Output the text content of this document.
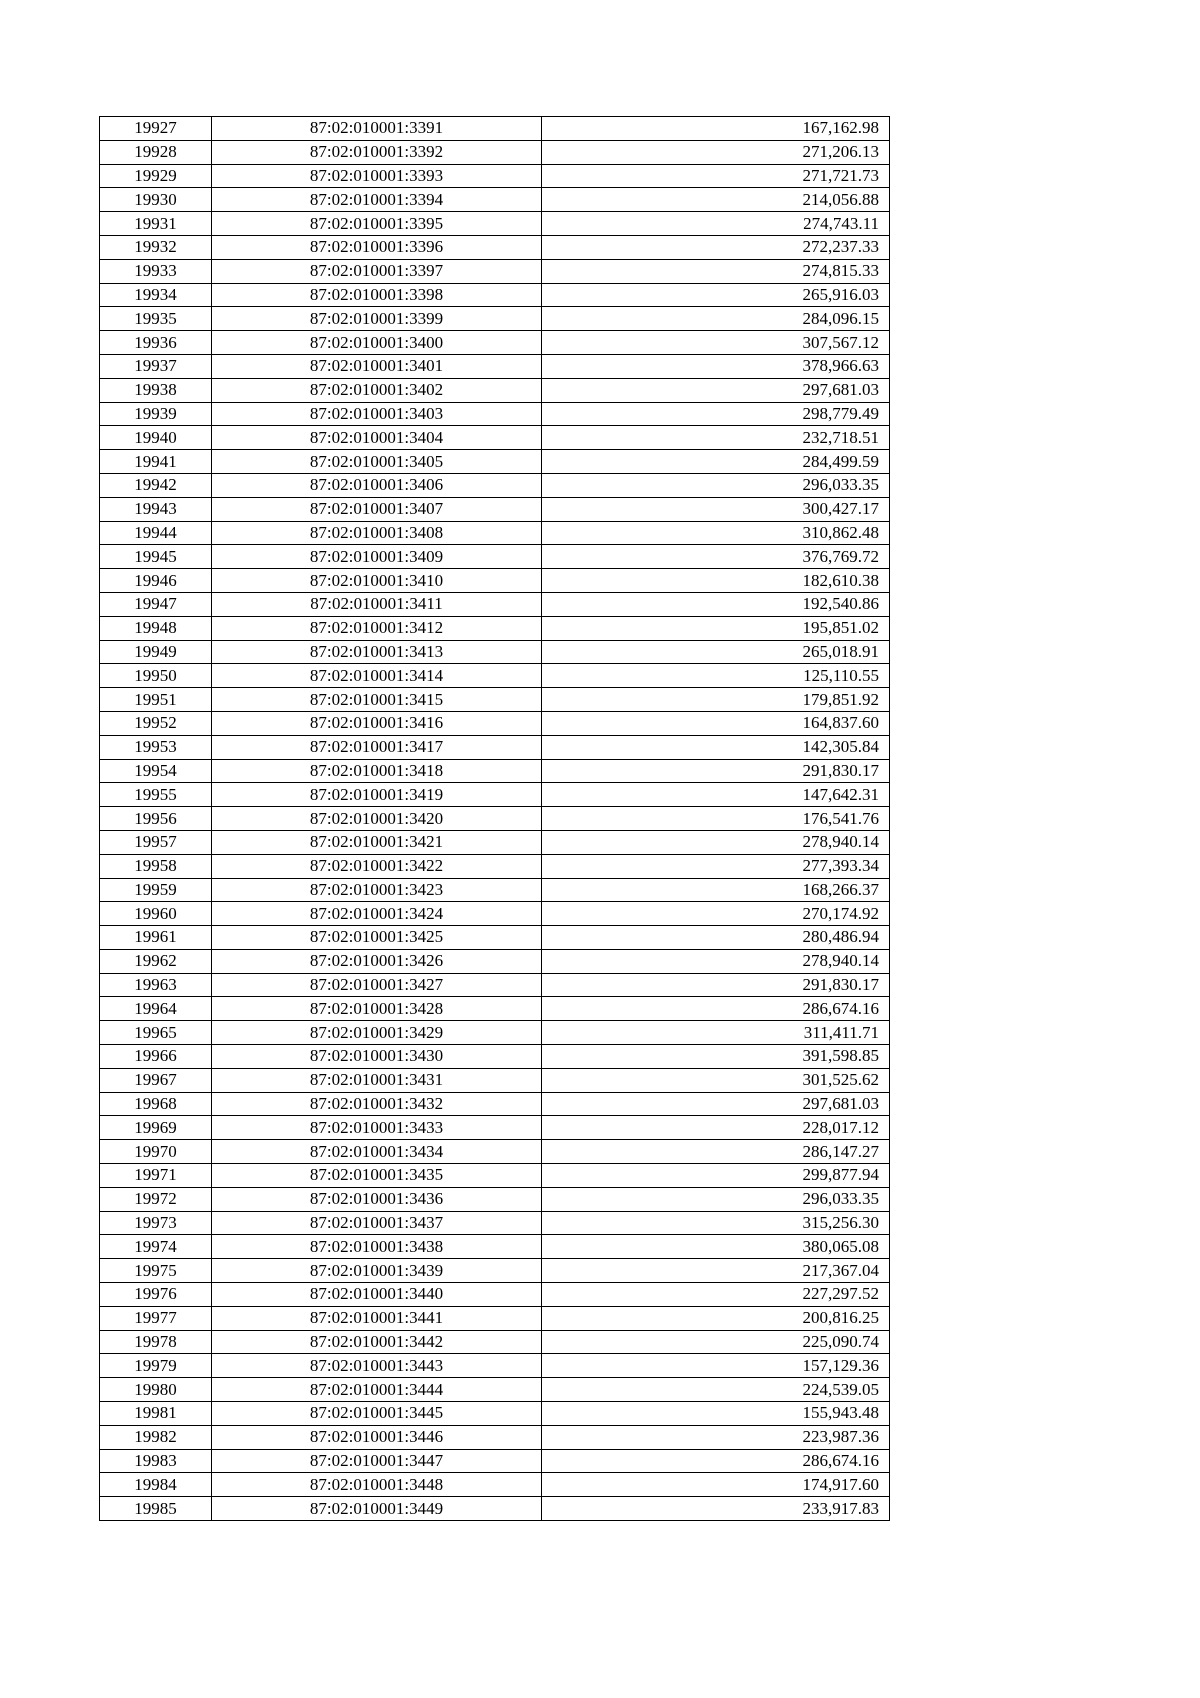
19927	87:02:010001:3391	167,162.98
19928	87:02:010001:3392	271,206.13
19929	87:02:010001:3393	271,721.73
19930	87:02:010001:3394	214,056.88
19931	87:02:010001:3395	274,743.11
19932	87:02:010001:3396	272,237.33
19933	87:02:010001:3397	274,815.33
19934	87:02:010001:3398	265,916.03
19935	87:02:010001:3399	284,096.15
19936	87:02:010001:3400	307,567.12
19937	87:02:010001:3401	378,966.63
19938	87:02:010001:3402	297,681.03
19939	87:02:010001:3403	298,779.49
19940	87:02:010001:3404	232,718.51
19941	87:02:010001:3405	284,499.59
19942	87:02:010001:3406	296,033.35
19943	87:02:010001:3407	300,427.17
19944	87:02:010001:3408	310,862.48
19945	87:02:010001:3409	376,769.72
19946	87:02:010001:3410	182,610.38
19947	87:02:010001:3411	192,540.86
19948	87:02:010001:3412	195,851.02
19949	87:02:010001:3413	265,018.91
19950	87:02:010001:3414	125,110.55
19951	87:02:010001:3415	179,851.92
19952	87:02:010001:3416	164,837.60
19953	87:02:010001:3417	142,305.84
19954	87:02:010001:3418	291,830.17
19955	87:02:010001:3419	147,642.31
19956	87:02:010001:3420	176,541.76
19957	87:02:010001:3421	278,940.14
19958	87:02:010001:3422	277,393.34
19959	87:02:010001:3423	168,266.37
19960	87:02:010001:3424	270,174.92
19961	87:02:010001:3425	280,486.94
19962	87:02:010001:3426	278,940.14
19963	87:02:010001:3427	291,830.17
19964	87:02:010001:3428	286,674.16
19965	87:02:010001:3429	311,411.71
19966	87:02:010001:3430	391,598.85
19967	87:02:010001:3431	301,525.62
19968	87:02:010001:3432	297,681.03
19969	87:02:010001:3433	228,017.12
19970	87:02:010001:3434	286,147.27
19971	87:02:010001:3435	299,877.94
19972	87:02:010001:3436	296,033.35
19973	87:02:010001:3437	315,256.30
19974	87:02:010001:3438	380,065.08
19975	87:02:010001:3439	217,367.04
19976	87:02:010001:3440	227,297.52
19977	87:02:010001:3441	200,816.25
19978	87:02:010001:3442	225,090.74
19979	87:02:010001:3443	157,129.36
19980	87:02:010001:3444	224,539.05
19981	87:02:010001:3445	155,943.48
19982	87:02:010001:3446	223,987.36
19983	87:02:010001:3447	286,674.16
19984	87:02:010001:3448	174,917.60
19985	87:02:010001:3449	233,917.83
